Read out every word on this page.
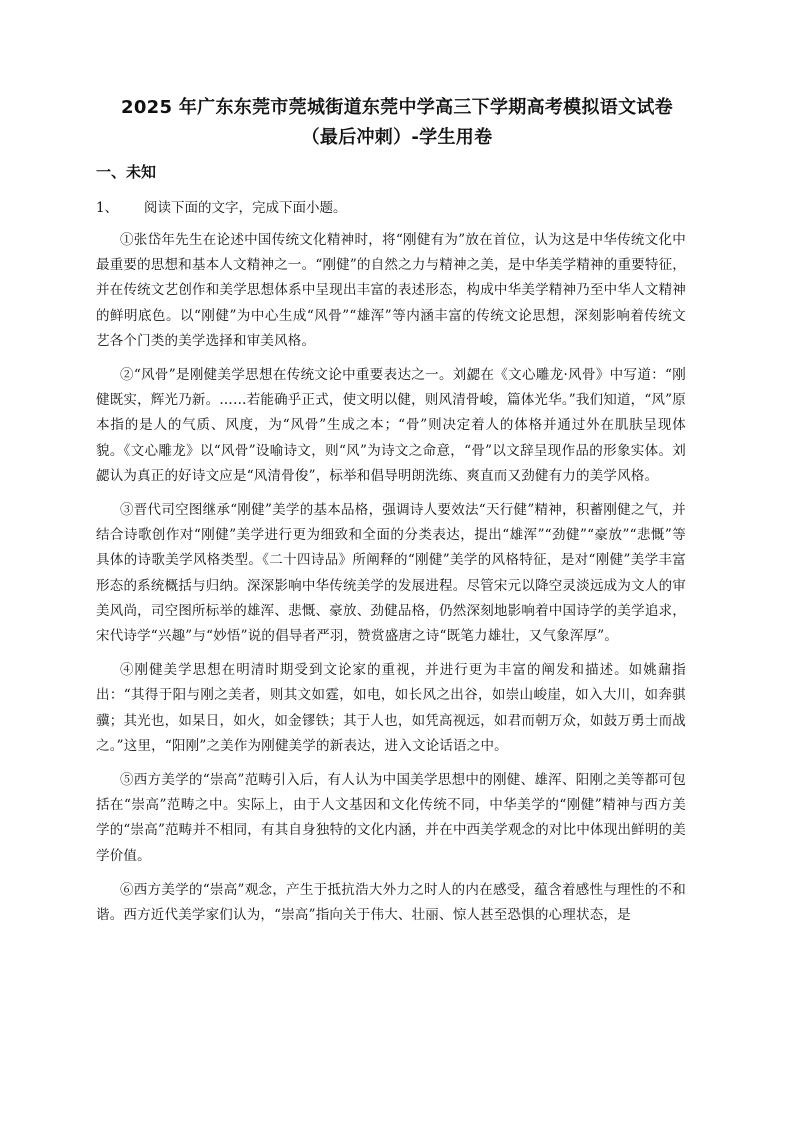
2025 年广东东莞市莞城街道东莞中学高三下学期高考模拟语文试卷
（最后冲刺）-学生用卷
一、未知

1、 阅读下面的文字，完成下面小题。

①张岱年先生在论述中国传统文化精神时，将“刚健有为”放在首位，认为这是中华传统文化中最重要的思想和基本人文精神之一。“刚健”的自然之力与精神之美，是中华美学精神的重要特征，并在传统文艺创作和美学思想体系中呈现出丰富的表述形态，构成中华美学精神乃至中华人文精神的鲜明底色。以“刚健”为中心生成“风骨”“雄浑”等内涵丰富的传统文论思想，深刻影响着传统文艺各个门类的美学选择和审美风格。

②“风骨”是刚健美学思想在传统文论中重要表达之一。刘勰在《文心雕龙·风骨》中写道：“刚健既实，辉光乃新。……若能确乎正式，使文明以健，则风清骨峻，篇体光华。”我们知道，“风”原本指的是人的气质、风度，为“风骨”生成之本；“骨”则决定着人的体格并通过外在肌肤呈现体貌。《文心雕龙》以“风骨”设喻诗文，则“风”为诗文之命意，“骨”以文辞呈现作品的形象实体。刘勰认为真正的好诗文应是“风清骨俊”，标举和倡导明朗洗练、爽直而又劲健有力的美学风格。

③晋代司空图继承“刚健”美学的基本品格，强调诗人要效法“天行健”精神，积蓄刚健之气，并结合诗歌创作对“刚健”美学进行更为细致和全面的分类表达，提出“雄浑”“劲健”“豪放”“悲慨”等具体的诗歌美学风格类型。《二十四诗品》所阐释的“刚健”美学的风格特征，是对“刚健”美学丰富形态的系统概括与归纳。深深影响中华传统美学的发展进程。尽管宋元以降空灵淡远成为文人的审美风尚，司空图所标举的雄浑、悲慨、豪放、劲健品格，仍然深刻地影响着中国诗学的美学追求，宋代诗学“兴趣”与“妙悟”说的倡导者严羽，赞赏盛唐之诗“既笔力雄壮，又气象浑厚”。

④刚健美学思想在明清时期受到文论家的重视，并进行更为丰富的阐发和描述。如姚鼐指出：“其得于阳与刚之美者，则其文如霆，如电，如长风之出谷，如崇山峻崖，如入大川，如奔骐骥；其光也，如杲日，如火，如金镠铁；其于人也，如凭高视远，如君而朝万众，如鼓万勇士而战之。”这里，“阳刚”之美作为刚健美学的新表达，进入文论话语之中。

⑤西方美学的“崇高”范畴引入后，有人认为中国美学思想中的刚健、雄浑、阳刚之美等都可包括在“崇高”范畴之中。实际上，由于人文基因和文化传统不同，中华美学的“刚健”精神与西方美学的“崇高”范畴并不相同，有其自身独特的文化内涵，并在中西美学观念的对比中体现出鲜明的美学价值。

⑥西方美学的“崇高”观念，产生于抵抗浩大外力之时人的内在感受，蕴含着感性与理性的不和谐。西方近代美学家们认为，“崇高”指向关于伟大、壮丽、惊人甚至恐惧的心理状态，是
